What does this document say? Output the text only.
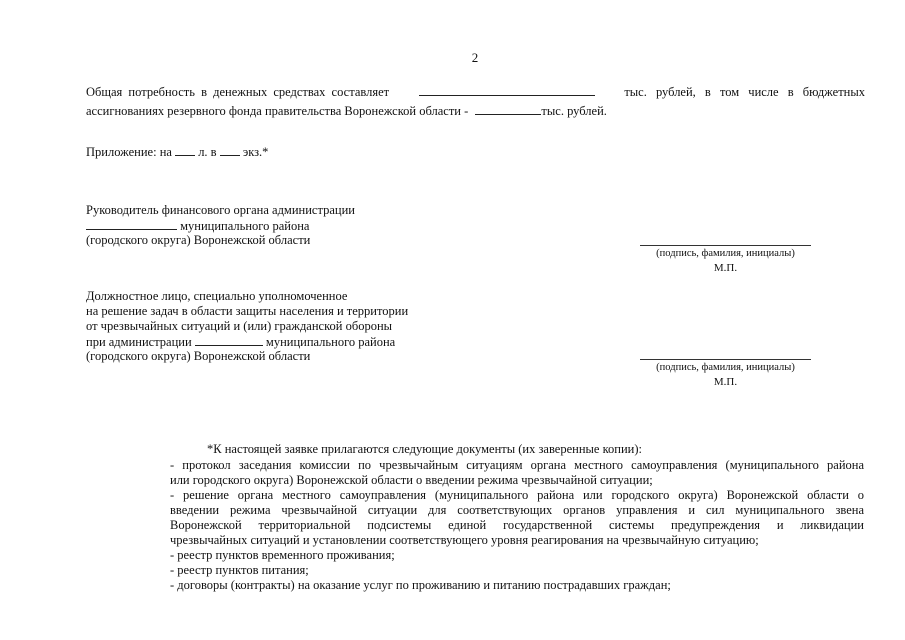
2
Общая потребность в денежных средствах составляет	тыс. рублей, в том числе в бюджетных
ассигнованиях резервного фонда правительства Воронежской области -	тыс. рублей.
Приложение: на л. в экз.*
Руководитель финансового органа администрации
муниципального района
(городского округа) Воронежской области
(подпись, фамилия, инициалы)
М.П.
Должностное лицо, специально уполномоченное
на решение задач в области защиты населения и территории
от чрезвычайных ситуаций и (или) гражданской обороны
при администрации	муниципального района
(городского округа) Воронежской области
(подпись, фамилия, инициалы)
М.П.
*К настоящей заявке прилагаются следующие документы (их заверенные копии):
- протокол заседания комиссии по чрезвычайным ситуациям органа местного самоуправления (муниципального района
или городского округа) Воронежской области о введении режима чрезвычайной ситуации;
- решение органа местного самоуправления (муниципального района или городского округа) Воронежской области о
введении режима чрезвычайной ситуации для соответствующих органов управления и сил муниципального звена
Воронежской территориальной подсистемы единой государственной системы предупреждения и ликвидации
чрезвычайных ситуаций и установлении соответствующего уровня реагирования на чрезвычайную ситуацию;
- реестр пунктов временного проживания;
- реестр пунктов питания;
- договоры (контракты) на оказание услуг по проживанию и питанию пострадавших граждан;
